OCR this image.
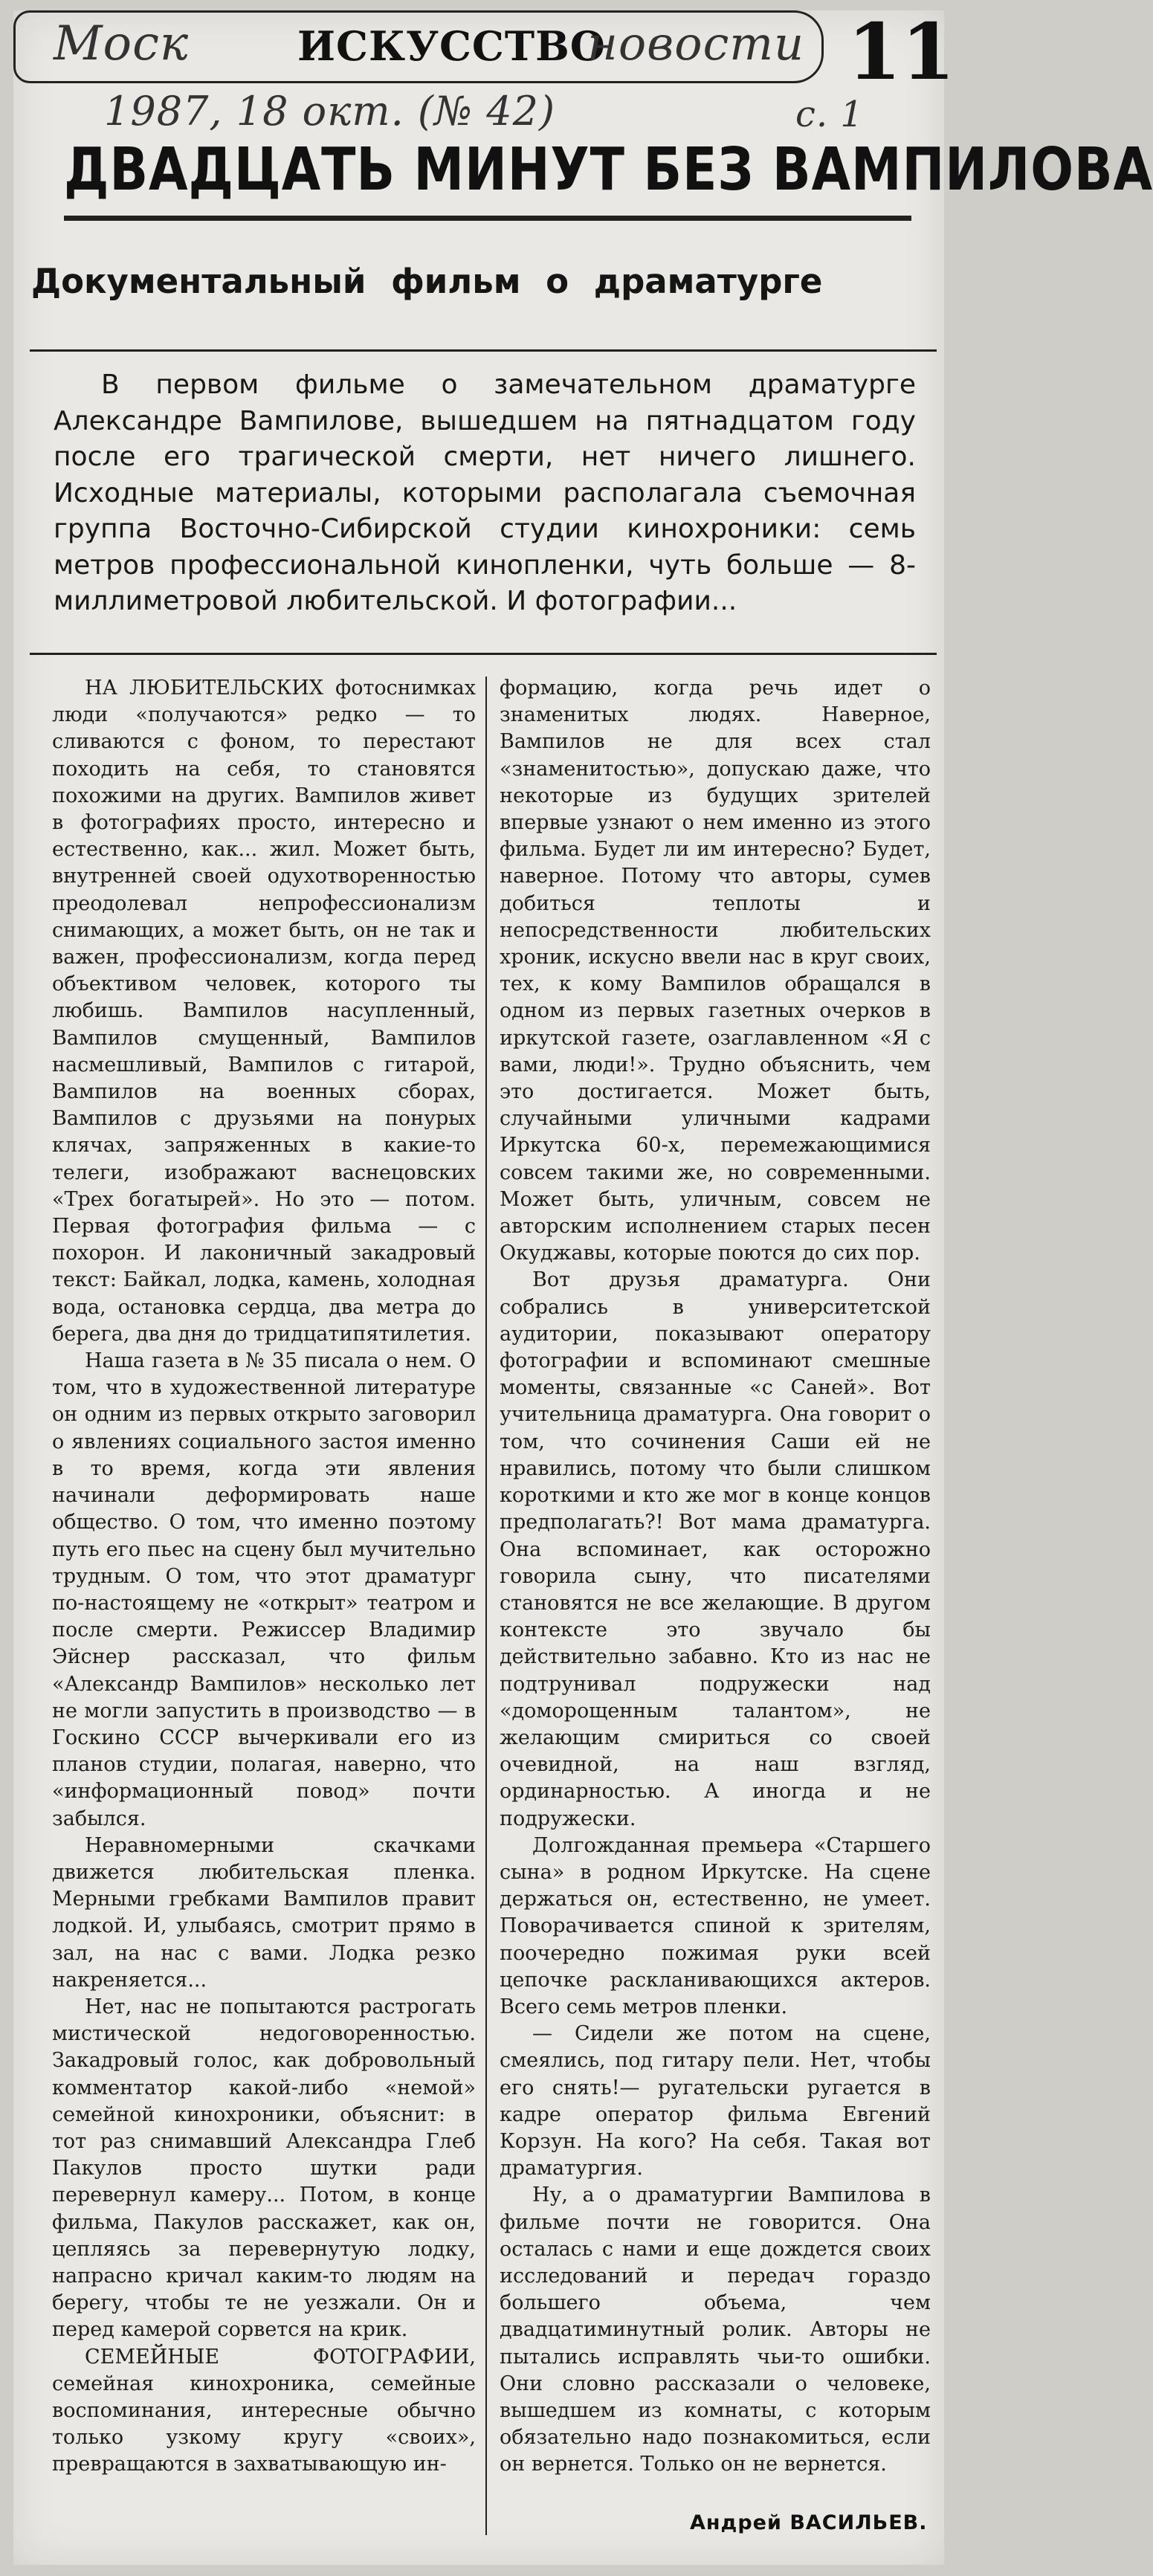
Моск	ИСКУССТВО
новости 11
1987, 18 окт. (№ 42)	с. 1
ДВАДЦАТЬ МИНУТ БЕЗ ВАМПИЛОВА
Документальный фильм о драматурге
В первом фильме о замечательном драматурге Александре Вампилове, вышедшем на пятнадцатом году после его трагической смерти, нет ничего лишнего. Исходные материалы, которыми располагала съемочная группа Восточно-Сибирской студии кинохроники: семь метров профессиональной кинопленки, чуть больше — 8-миллиметровой любительской. И фотографии...

НА ЛЮБИТЕЛЬСКИХ фотоснимках люди «получаются» редко — то сливаются с фоном, то перестают походить на себя, то становятся похожими на других. Вампилов живет в фотографиях просто, интересно и естественно, как... жил. Может быть, внутренней своей одухотворенностью преодолевал непрофессионализм снимающих, а может быть, он не так и важен, профессионализм, когда перед объективом человек, которого ты любишь. Вампилов насупленный, Вампилов смущенный, Вампилов насмешливый, Вампилов с гитарой, Вампилов на военных сборах, Вампилов с друзьями на понурых клячах, запряженных в какие-то телеги, изображают васнецовских «Трех богатырей». Но это — потом. Первая фотография фильма — с похорон. И лаконичный закадровый текст: Байкал, лодка, камень, холодная вода, остановка сердца, два метра до берега, два дня до тридцатипятилетия.

Наша газета в № 35 писала о нем. О том, что в художественной литературе он одним из первых открыто заговорил о явлениях социального застоя именно в то время, когда эти явления начинали деформировать наше общество. О том, что именно поэтому путь его пьес на сцену был мучительно трудным. О том, что этот драматург по-настоящему не «открыт» театром и после смерти. Режиссер Владимир Эйснер рассказал, что фильм «Александр Вампилов» несколько лет не могли запустить в производство — в Госкино СССР вычеркивали его из планов студии, полагая, наверно, что «информационный повод» почти забылся.

Неравномерными скачками движется любительская пленка. Мерными гребками Вампилов правит лодкой. И, улыбаясь, смотрит прямо в зал, на нас с вами. Лодка резко накреняется...

Нет, нас не попытаются растрогать мистической недоговоренностью. Закадровый голос, как добровольный комментатор какой-либо «немой» семейной кинохроники, объяснит: в тот раз снимавший Александра Глеб Пакулов просто шутки ради перевернул камеру... Потом, в конце фильма, Пакулов расскажет, как он, цепляясь за перевернутую лодку, напрасно кричал каким-то людям на берегу, чтобы те не уезжали. Он и перед камерой сорвется на крик.

СЕМЕЙНЫЕ ФОТОГРАФИИ, семейная кинохроника, семейные воспоминания, интересные обычно только узкому кругу «своих», превращаются в захватывающую ин-

формацию, когда речь идет о знаменитых людях. Наверное, Вампилов не для всех стал «знаменитостью», допускаю даже, что некоторые из будущих зрителей впервые узнают о нем именно из этого фильма. Будет ли им интересно? Будет, наверное. Потому что авторы, сумев добиться теплоты и непосредственности любительских хроник, искусно ввели нас в круг своих, тех, к кому Вампилов обращался в одном из первых газетных очерков в иркутской газете, озаглавленном «Я с вами, люди!». Трудно объяснить, чем это достигается. Может быть, случайными уличными кадрами Иркутска 60-х, перемежающимися совсем такими же, но современными. Может быть, уличным, совсем не авторским исполнением старых песен Окуджавы, которые поются до сих пор.

Вот друзья драматурга. Они собрались в университетской аудитории, показывают оператору фотографии и вспоминают смешные моменты, связанные «с Саней». Вот учительница драматурга. Она говорит о том, что сочинения Саши ей не нравились, потому что были слишком короткими и кто же мог в конце концов предполагать?! Вот мама драматурга. Она вспоминает, как осторожно говорила сыну, что писателями становятся не все желающие. В другом контексте это звучало бы действительно забавно. Кто из нас не подтрунивал подружески над «доморощенным талантом», не желающим смириться со своей очевидной, на наш взгляд, ординарностью. А иногда и не подружески.

Долгожданная премьера «Старшего сына» в родном Иркутске. На сцене держаться он, естественно, не умеет. Поворачивается спиной к зрителям, поочередно пожимая руки всей цепочке раскланивающихся актеров. Всего семь метров пленки.

— Сидели же потом на сцене, смеялись, под гитару пели. Нет, чтобы его снять!— ругательски ругается в кадре оператор фильма Евгений Корзун. На кого? На себя. Такая вот драматургия.

Ну, а о драматургии Вампилова в фильме почти не говорится. Она осталась с нами и еще дождется своих исследований и передач гораздо большего объема, чем двадцатиминутный ролик. Авторы не пытались исправлять чьи-то ошибки. Они словно рассказали о человеке, вышедшем из комнаты, с которым обязательно надо познакомиться, если он вернется. Только он не вернется.

Андрей ВАСИЛЬЕВ.
